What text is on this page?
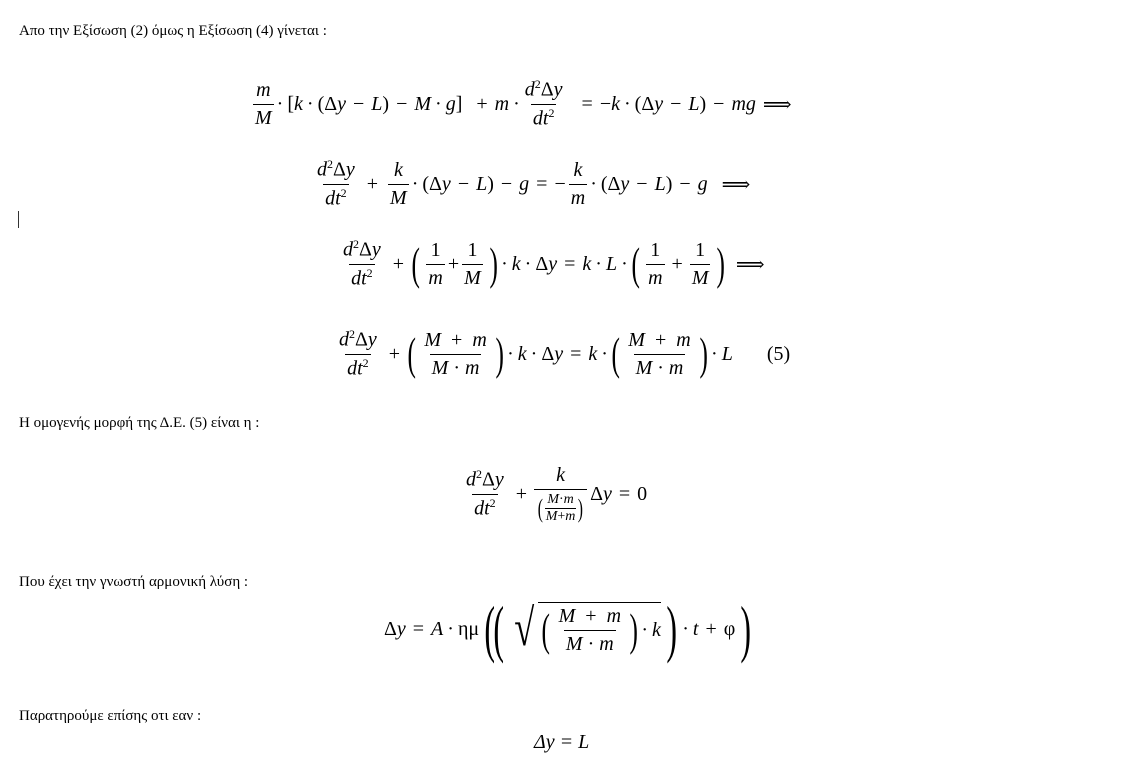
Απο την Εξίσωση (2) όμως η Εξίσωση (4) γίνεται :
$\frac{m}{M}$ · [ k · (Δ y − L ) − M · g ] + $m \cdot \frac{d^2\Delta y}{dt^2}$ = − k · (Δ y − L ) − mg ⟹
$\frac{d^2\Delta y}{dt^2} + \frac{k}{M} \cdot (\Delta$ y − L ) − g = − $\frac{k}{m} \cdot (\Delta$ y − L ) − g ⟹
$\frac{d^2\Delta y}{dt^2}$ + ( $\frac{1}{m} + \frac{1}{M}$ ) · k · Δ y = k · L · ( $\frac{1}{m} + \frac{1}{M}$ ) ⟹
$\frac{d^2\Delta y}{dt^2}$ + ( $\frac{M + m}{M \cdot m}$ ) · k · Δ y = k · ( $\frac{M + m}{M \cdot m}$ ) · L (5)
Η ομογενής μορφή της Δ.Ε. (5) είναι η :
$\frac{d^2\Delta y}{dt^2} + \frac{k}{( \frac{M\cdot m}{M+m} )}$ Δ y = 0
Που έχει την γνωστή αρμονική λύση :
Δ y = A · ημ (
( √ ( $\frac{M + m}{M \cdot m}$ ) · k ) · t + φ )
Παρατηρούμε επίσης οτι εαν :
Δy = L
